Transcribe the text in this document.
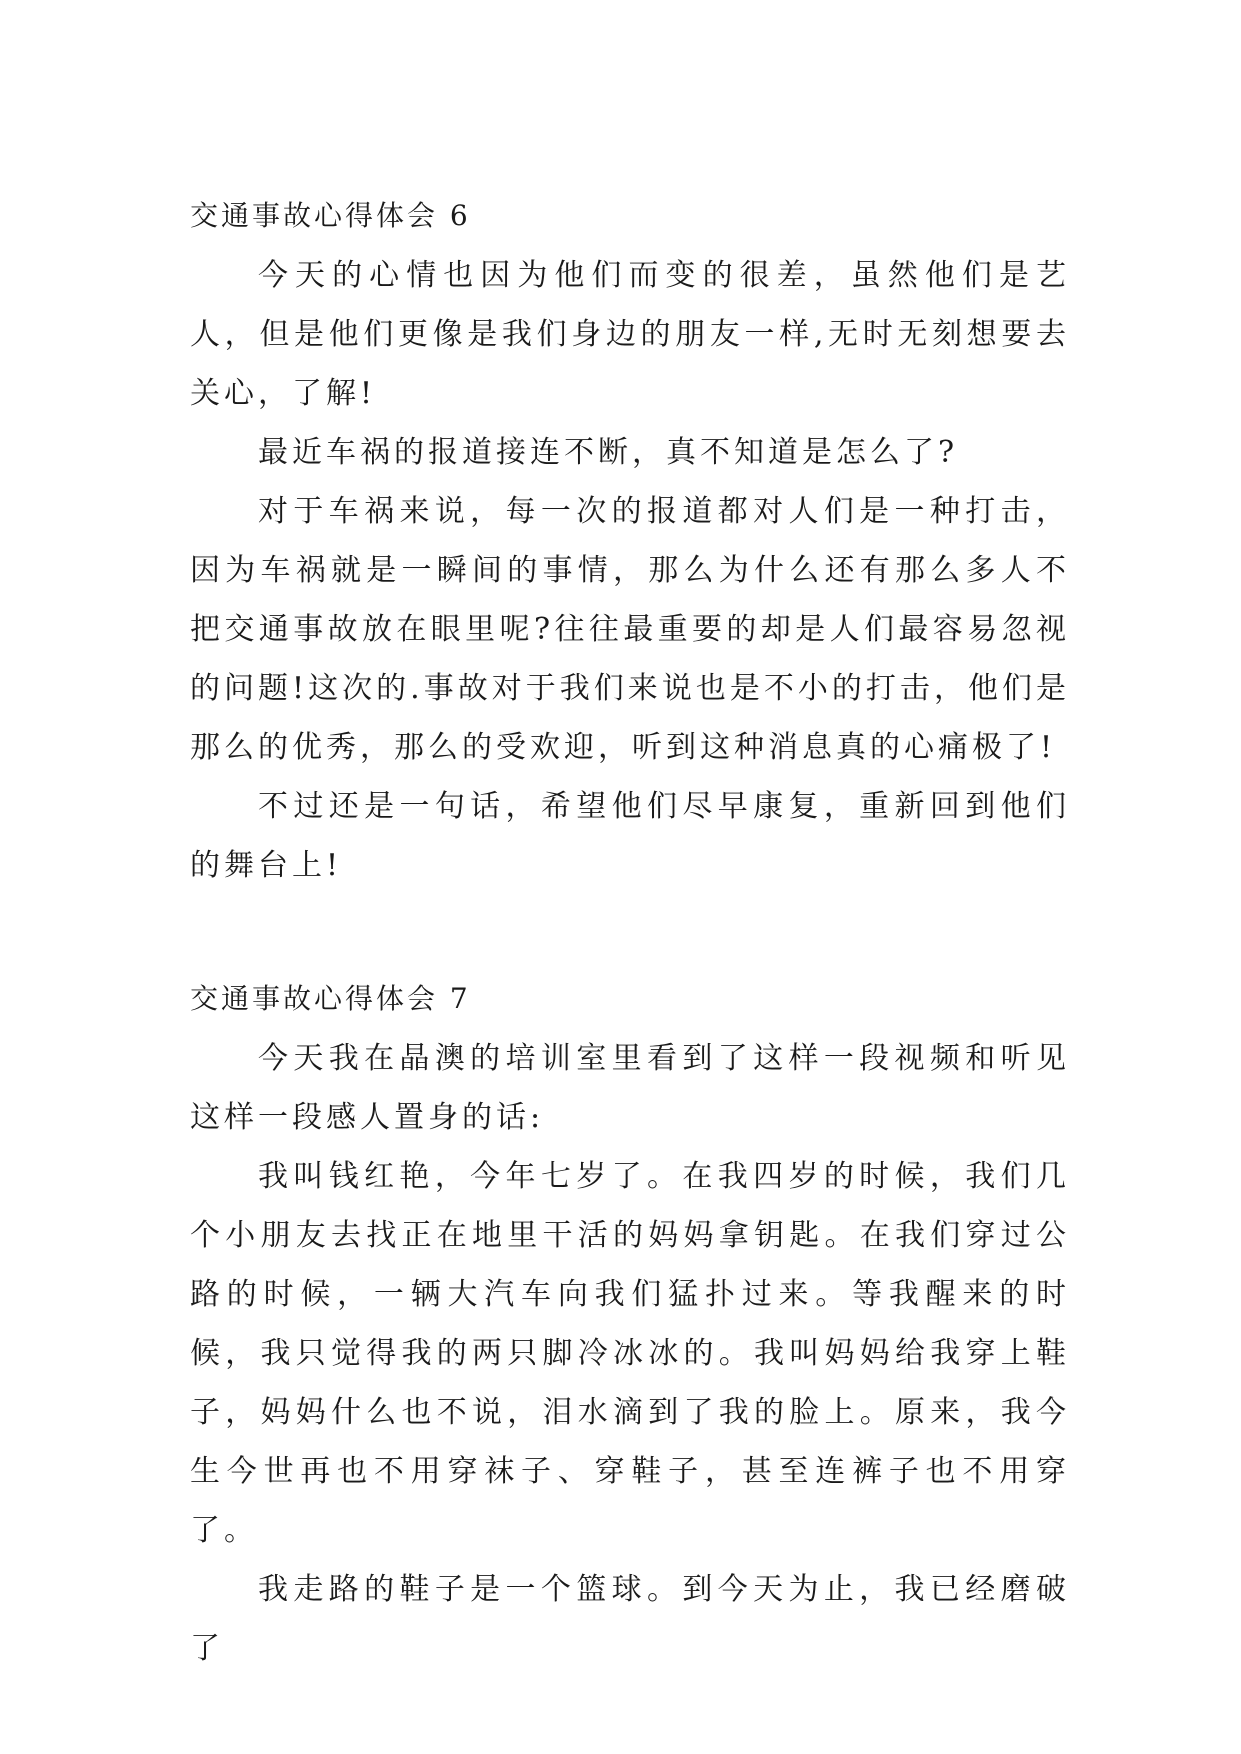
交通事故心得体会 6

今天的心情也因为他们而变的很差，虽然他们是艺人，但是他们更像是我们身边的朋友一样,无时无刻想要去关心，了解!

最近车祸的报道接连不断，真不知道是怎么了?

对于车祸来说，每一次的报道都对人们是一种打击，因为车祸就是一瞬间的事情，那么为什么还有那么多人不把交通事故放在眼里呢?往往最重要的却是人们最容易忽视的问题!这次的.事故对于我们来说也是不小的打击，他们是那么的优秀，那么的受欢迎，听到这种消息真的心痛极了!

不过还是一句话，希望他们尽早康复，重新回到他们的舞台上!

交通事故心得体会 7

今天我在晶澳的培训室里看到了这样一段视频和听见这样一段感人置身的话:

我叫钱红艳，今年七岁了。在我四岁的时候，我们几个小朋友去找正在地里干活的妈妈拿钥匙。在我们穿过公路的时候，一辆大汽车向我们猛扑过来。等我醒来的时候，我只觉得我的两只脚冷冰冰的。我叫妈妈给我穿上鞋子，妈妈什么也不说，泪水滴到了我的脸上。原来，我今生今世再也不用穿袜子、穿鞋子，甚至连裤子也不用穿了。

我走路的鞋子是一个篮球。到今天为止，我已经磨破了
